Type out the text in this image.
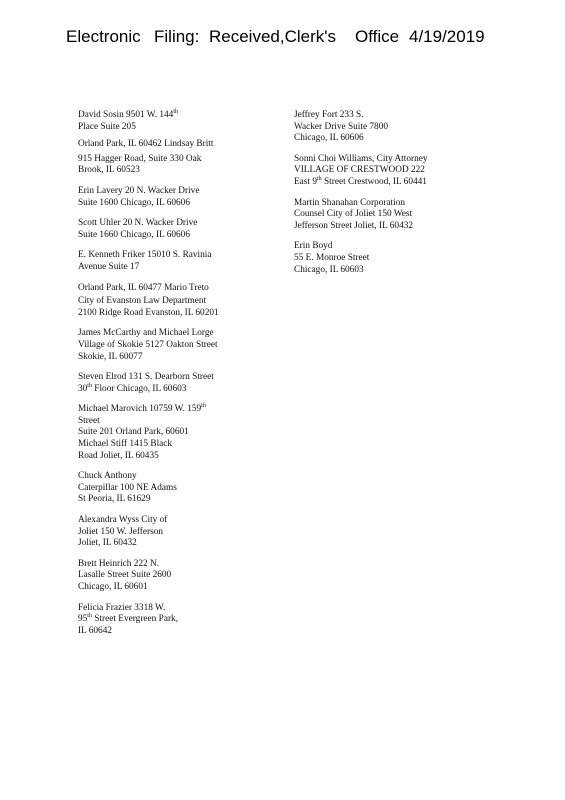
Electronic Filing: Received,Clerk's Office 4/19/2019
David Sosin 9501 W. 144th
Place Suite 205
Orland Park, IL 60462 Lindsay Britt
915 Hagger Road, Suite 330 Oak
Brook, IL 60523
Erin Lavery 20 N. Wacker Drive
Suite 1600 Chicago, IL 60606
Scott Uhler 20 N. Wacker Drive
Suite 1660 Chicago, IL 60606
E. Kenneth Friker 15010 S. Ravinia
Avenue Suite 17
Orland Park, IL 60477 Mario Treto
City of Evanston Law Department
2100 Ridge Road Evanston, IL 60201
James McCarthy and Michael Lorge
Village of Skokie 5127 Oakton Street
Skokie, IL 60077
Steven Elrod 131 S. Dearborn Street
30th Floor Chicago, IL 60603
Michael Marovich 10759 W. 159th
Street
Suite 201 Orland Park, 60601
Michael Stiff 1415 Black
Road Joliet, IL 60435
Chuck Anthony
Caterpillar 100 NE Adams
St Peoria, IL 61629
Alexandra Wyss City of
Joliet 150 W. Jefferson
Joliet, IL 60432
Brett Heinrich 222 N.
Lasalle Street Suite 2600
Chicago, IL 60601
Felicia Frazier 3318 W.
95th Street Evergreen Park,
IL 60642
Jeffrey Fort 233 S.
Wacker Drive Suite 7800
Chicago, IL 60606
Sonni Choi Williams, City Attorney
VILLAGE OF CRESTWOOD 222
East 9th Street Crestwood, IL 60441
Martin Shanahan Corporation
Counsel City of Joliet 150 West
Jefferson Street Joliet, IL 60432
Erin Boyd
55 E. Monroe Street
Chicago, IL 60603
